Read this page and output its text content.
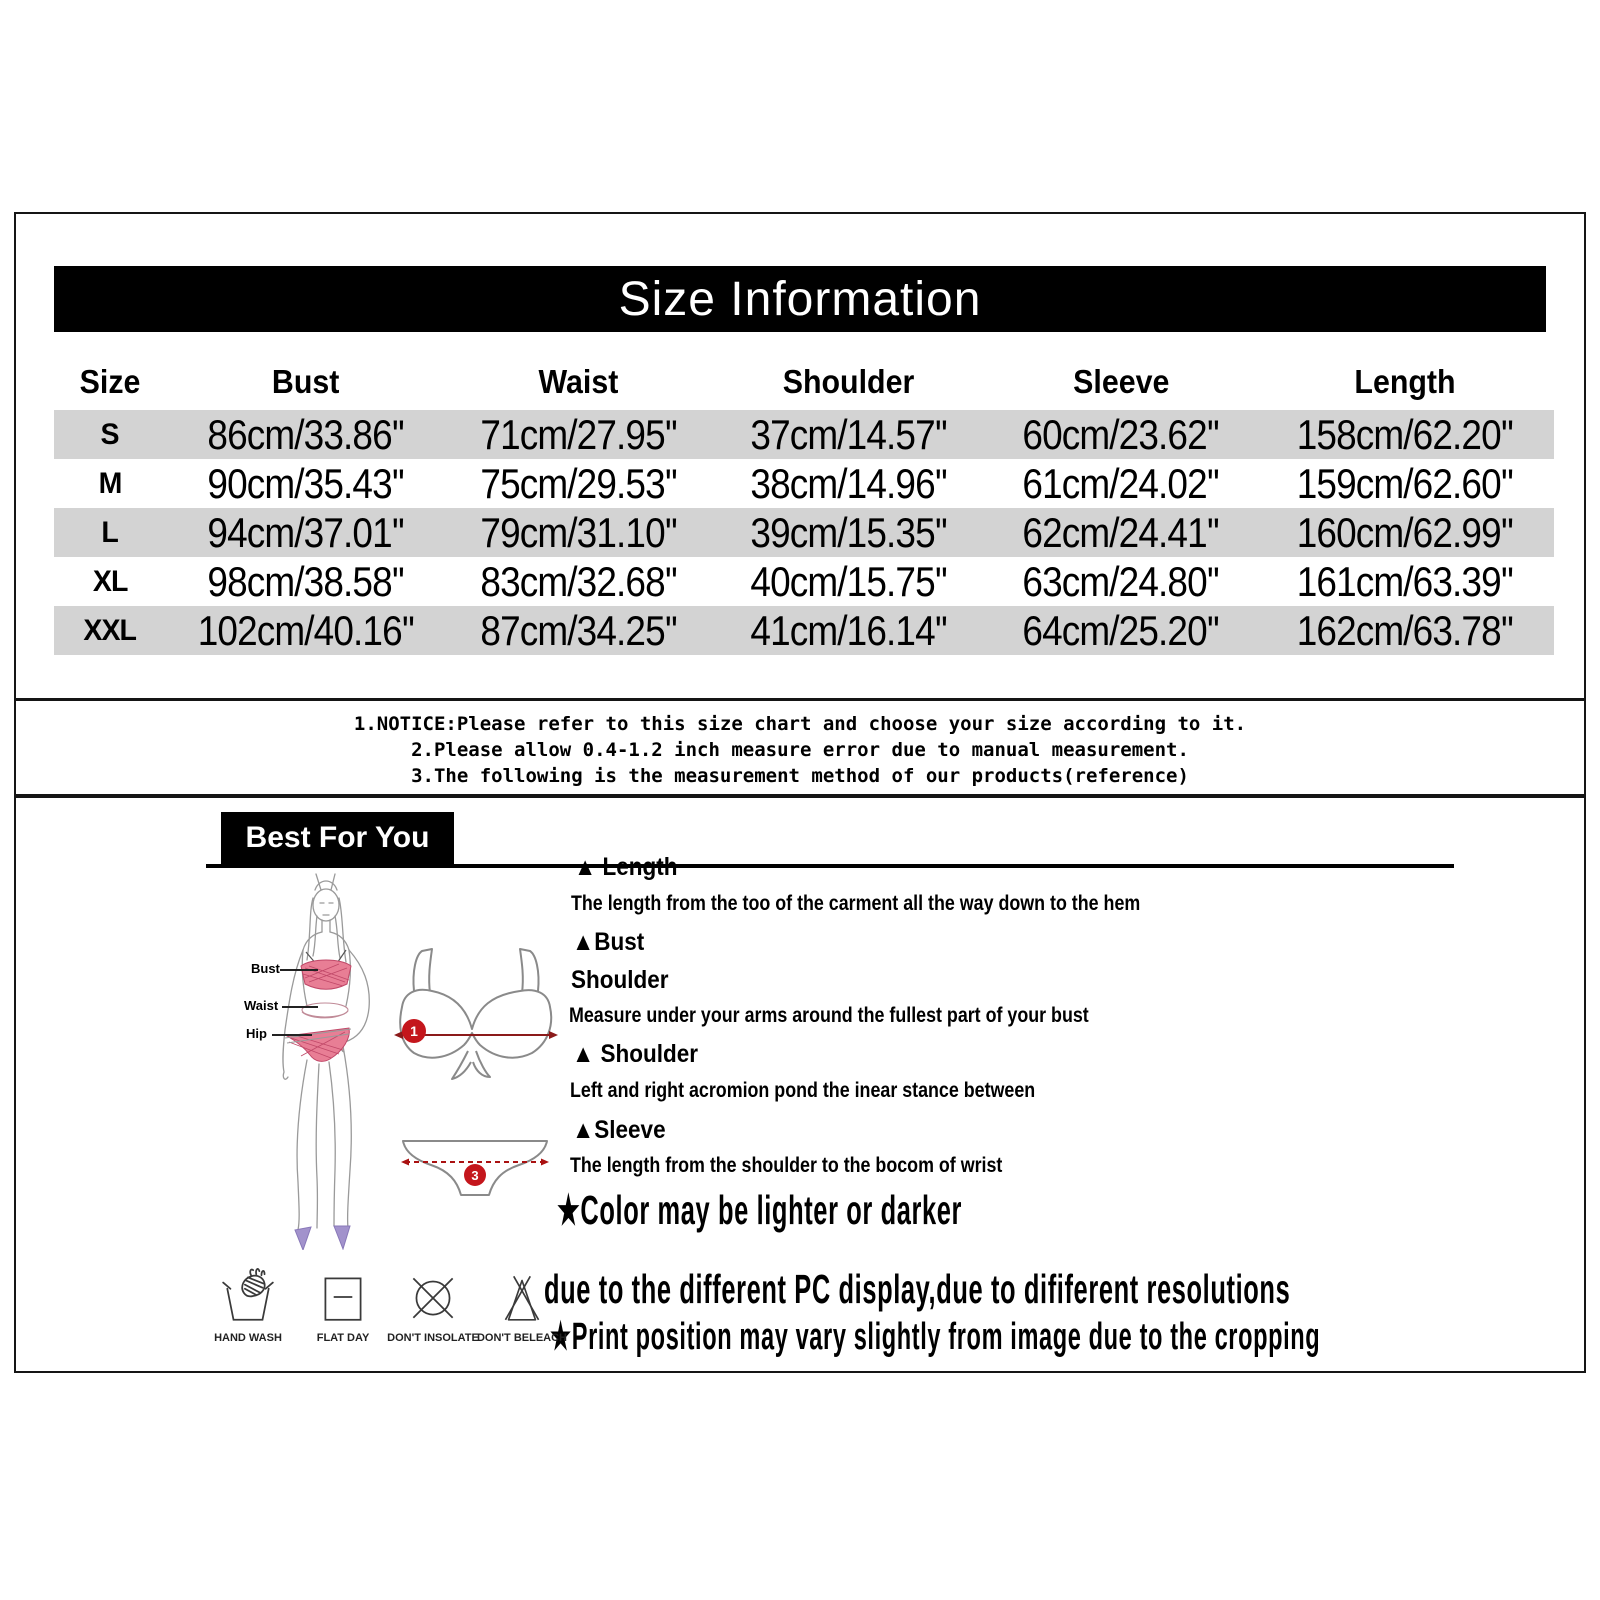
Size Information
Size	Bust	Waist	Shoulder	Sleeve	Length
S 86cm/33.86'' 71cm/27.95'' 37cm/14.57'' 60cm/23.62'' 158cm/62.20''
M 90cm/35.43'' 75cm/29.53'' 38cm/14.96'' 61cm/24.02'' 159cm/62.60''
L 94cm/37.01'' 79cm/31.10'' 39cm/15.35'' 62cm/24.41'' 160cm/62.99''
XL 98cm/38.58'' 83cm/32.68'' 40cm/15.75'' 63cm/24.80'' 161cm/63.39''
XXL 102cm/40.16'' 87cm/34.25'' 41cm/16.14'' 64cm/25.20'' 162cm/63.78''
1.NOTICE:Please refer to this size chart and choose your size according to it.
2.Please allow 0.4-1.2 inch measure error due to manual measurement.
3.The following is the measurement method of our products(reference)
Best For You
Bust
Waist
Hip	1
3
▲ Length
The length from the too of the carment all the way down to the hem
▲Bust
Shoulder
Measure under your arms around the fullest part of your bust
▲ Shoulder
Left and right acromion pond the inear stance between
▲Sleeve
The length from the shoulder to the bocom of wrist
★Color may be lighter or darker
due to the different PC display,due to dififerent resolutions
★Print position may vary slightly from image due to the cropping
HAND WASH	FLAT DAY	DON'T INSOLATE
DON'T BELEACH
